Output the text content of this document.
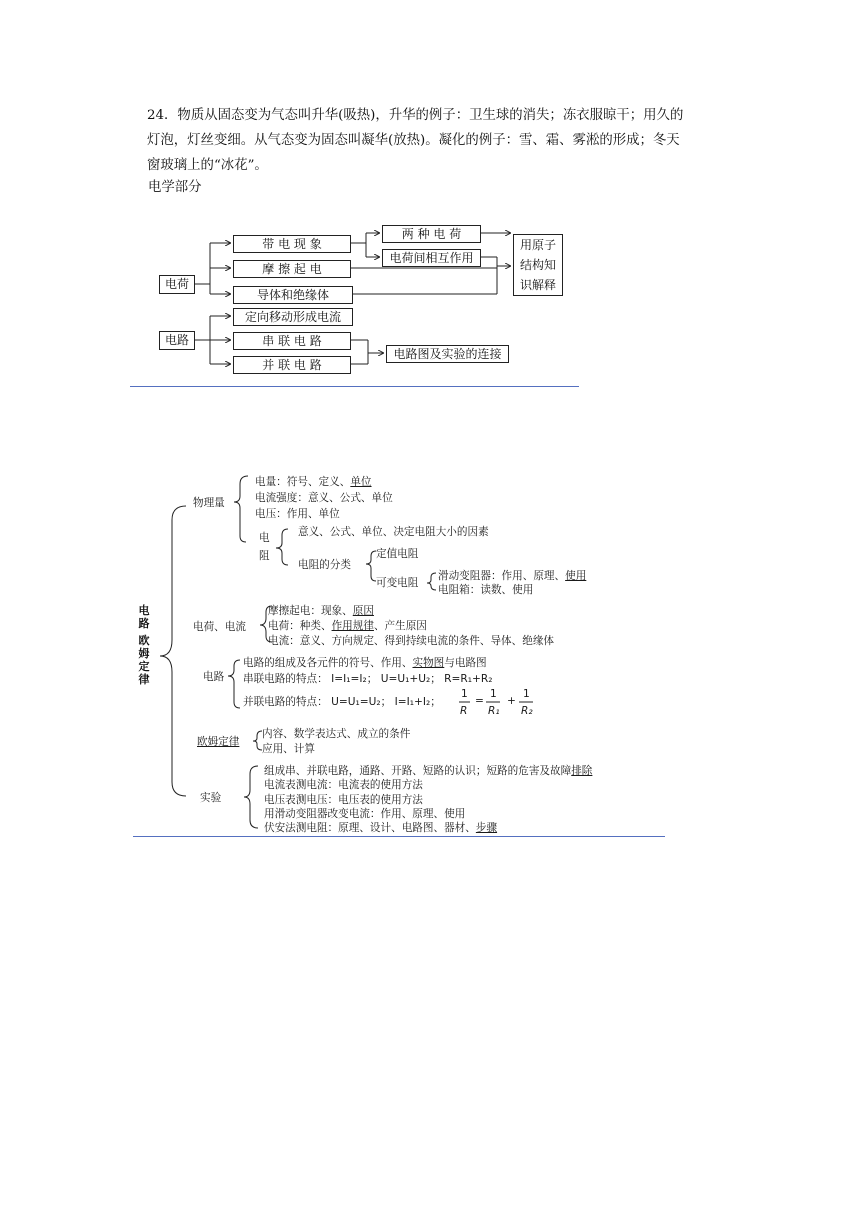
24．物质从固态变为气态叫升华(吸热)，升华的例子：卫生球的消失；冻衣服晾干；用久的

灯泡，灯丝变细。从气态变为固态叫凝华(放热)。凝化的例子：雪、霜、雾淞的形成；冬天

窗玻璃上的“冰花”。

电学部分
电荷
电路
带 电 现 象
摩 擦 起 电
导体和绝缘体
定向移动形成电流
串 联 电 路
并 联 电 路
两 种 电 荷
电荷间相互作用
用原子
结构知
识解释
电路图及实验的连接
电路
欧姆定律
物理量
电量：符号、定义、单位
电流强度：意义、公式、单位
电压：作用、单位
电
阻
意义、公式、单位、决定电阻大小的因素
电阻的分类
定值电阻
可变电阻
滑动变阻器：作用、原理、使用
电阻箱：读数、使用
电荷、电流
摩擦起电：现象、原因
电荷：种类、作用规律、产生原因
电流：意义、方向规定、得到持续电流的条件、导体、绝缘体
电路
电路的组成及各元件的符号、作用、实物图与电路图
串联电路的特点： I=I₁=I₂； U=U₁+U₂； R=R₁+R₂
并联电路的特点： U=U₁=U₂； I=I₁+I₂；
1
R
=
1
R₁
+
1
R₂
欧姆定律
内容、数学表达式、成立的条件
应用、计算
实验
组成串、并联电路，通路、开路、短路的认识；短路的危害及故障排除
电流表测电流：电流表的使用方法
电压表测电压：电压表的使用方法
用滑动变阻器改变电流：作用、原理、使用
伏安法测电阻：原理、设计、电路图、器材、步骤
